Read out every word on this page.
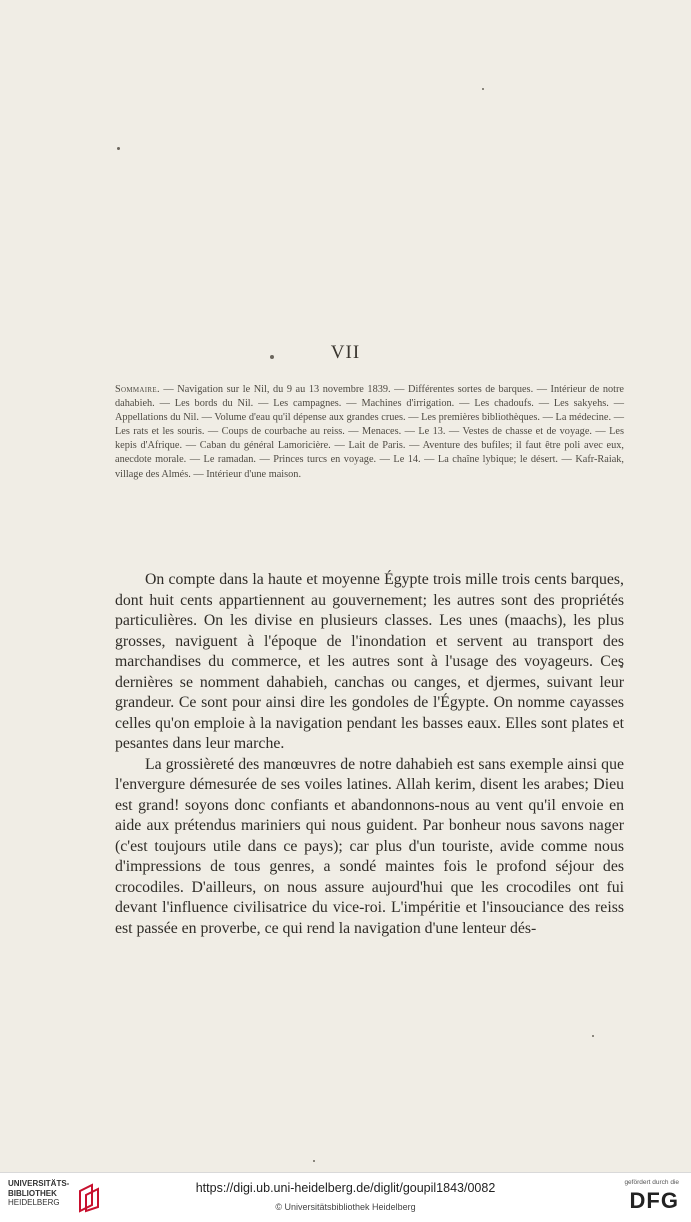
VII
Sommaire. — Navigation sur le Nil, du 9 au 13 novembre 1839. — Différentes sortes de barques. — Intérieur de notre dahabieh. — Les bords du Nil. — Les campagnes. — Machines d'irrigation. — Les chadoufs. — Les sakyehs. — Appellations du Nil. — Volume d'eau qu'il dépense aux grandes crues. — Les premières bibliothèques. — La médecine. — Les rats et les souris. — Coups de courbache au reiss. — Menaces. — Le 13. — Vestes de chasse et de voyage. — Les kepis d'Afrique. — Caban du général Lamoricière. — Lait de Paris. — Aventure des bufiles; il faut être poli avec eux, anecdote morale. — Le ramadan. — Princes turcs en voyage. — Le 14. — La chaîne lybique; le désert. — Kafr-Raiak, village des Almés. — Intérieur d'une maison.

On compte dans la haute et moyenne Égypte trois mille trois cents barques, dont huit cents appartiennent au gouvernement; les autres sont des propriétés particulières. On les divise en plusieurs classes. Les unes (maachs), les plus grosses, naviguent à l'époque de l'inondation et servent au transport des marchandises du commerce, et les autres sont à l'usage des voyageurs. Ces dernières se nomment dahabieh, canchas ou canges, et djermes, suivant leur grandeur. Ce sont pour ainsi dire les gondoles de l'Égypte. On nomme cayasses celles qu'on emploie à la navigation pendant les basses eaux. Elles sont plates et pesantes dans leur marche.

La grossièreté des manœuvres de notre dahabieh est sans exemple ainsi que l'envergure démesurée de ses voiles latines. Allah kerim, disent les arabes; Dieu est grand! soyons donc confiants et abandonnons-nous au vent qu'il envoie en aide aux prétendus mariniers qui nous guident. Par bonheur nous savons nager (c'est toujours utile dans ce pays); car plus d'un touriste, avide comme nous d'impressions de tous genres, a sondé maintes fois le profond séjour des crocodiles. D'ailleurs, on nous assure aujourd'hui que les crocodiles ont fui devant l'influence civilisatrice du vice-roi. L'impéritie et l'insouciance des reiss est passée en proverbe, ce qui rend la navigation d'une lenteur dés-

UNIVERSITÄTS-
BIBLIOTHEK
HEIDELBERG
https://digi.ub.uni-heidelberg.de/diglit/goupil1843/0082
© Universitätsbibliothek Heidelberg
gefördert durch die
DFG
